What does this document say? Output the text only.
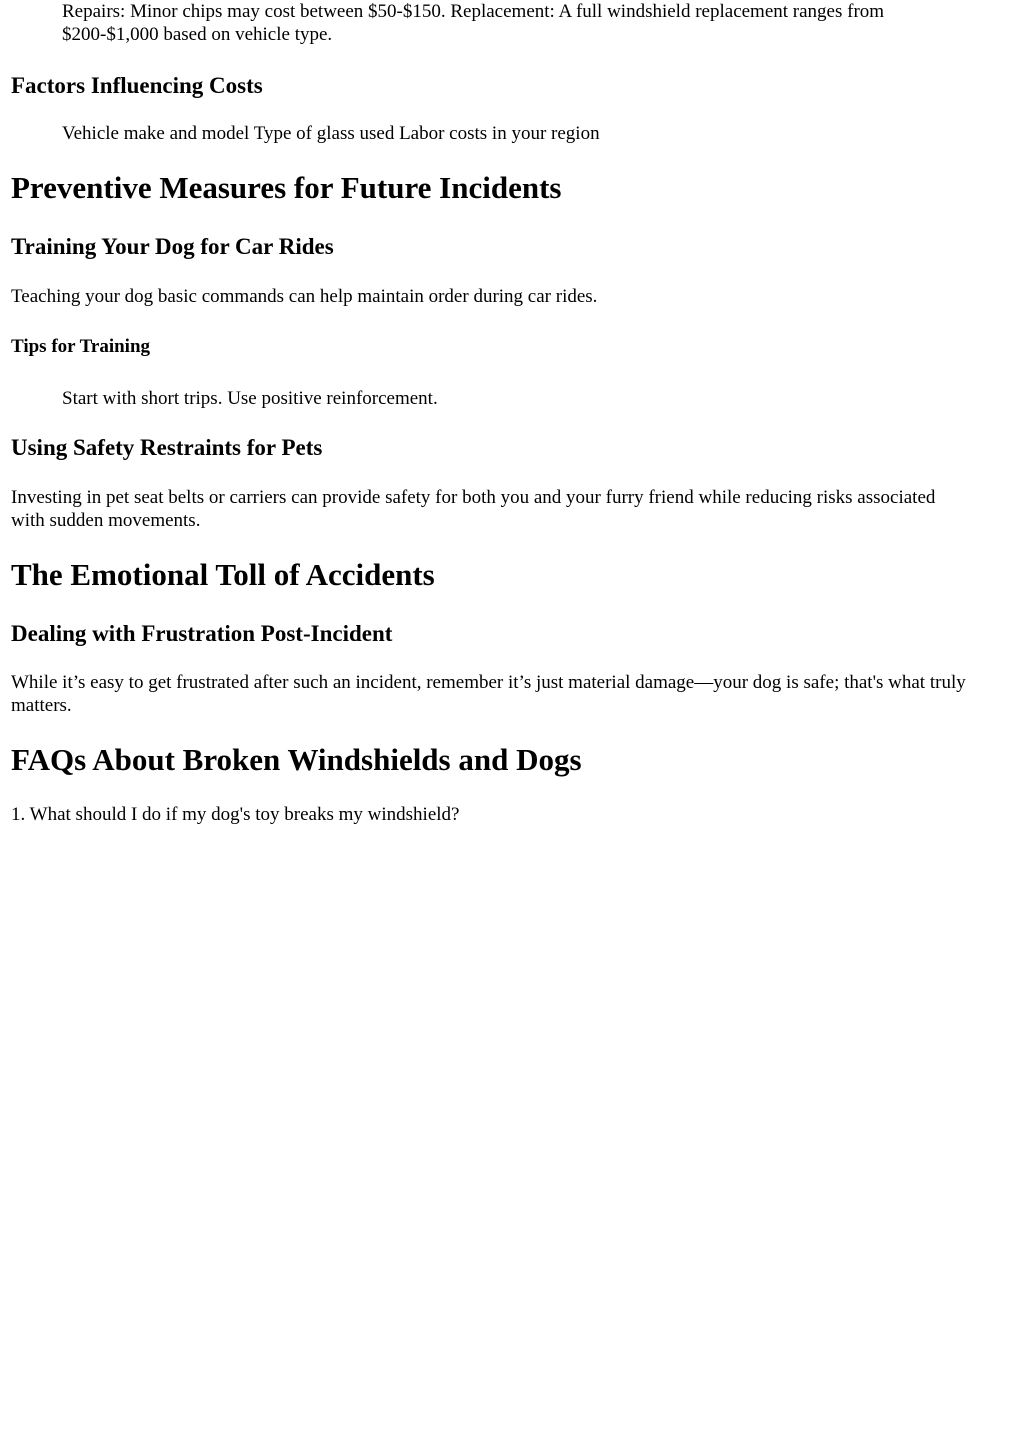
Repairs: Minor chips may cost between $50-$150. Replacement: A full windshield replacement ranges from $200-$1,000 based on vehicle type.

Factors Influencing Costs

Vehicle make and model Type of glass used Labor costs in your region

Preventive Measures for Future Incidents
Training Your Dog for Car Rides

Teaching your dog basic commands can help maintain order during car rides.

Tips for Training

Start with short trips. Use positive reinforcement.

Using Safety Restraints for Pets

Investing in pet seat belts or carriers can provide safety for both you and your furry friend while reducing risks associated with sudden movements.

The Emotional Toll of Accidents
Dealing with Frustration Post-Incident

While it’s easy to get frustrated after such an incident, remember it’s just material damage—your dog is safe; that's what truly matters.

FAQs About Broken Windshields and Dogs

1. What should I do if my dog's toy breaks my windshield?
